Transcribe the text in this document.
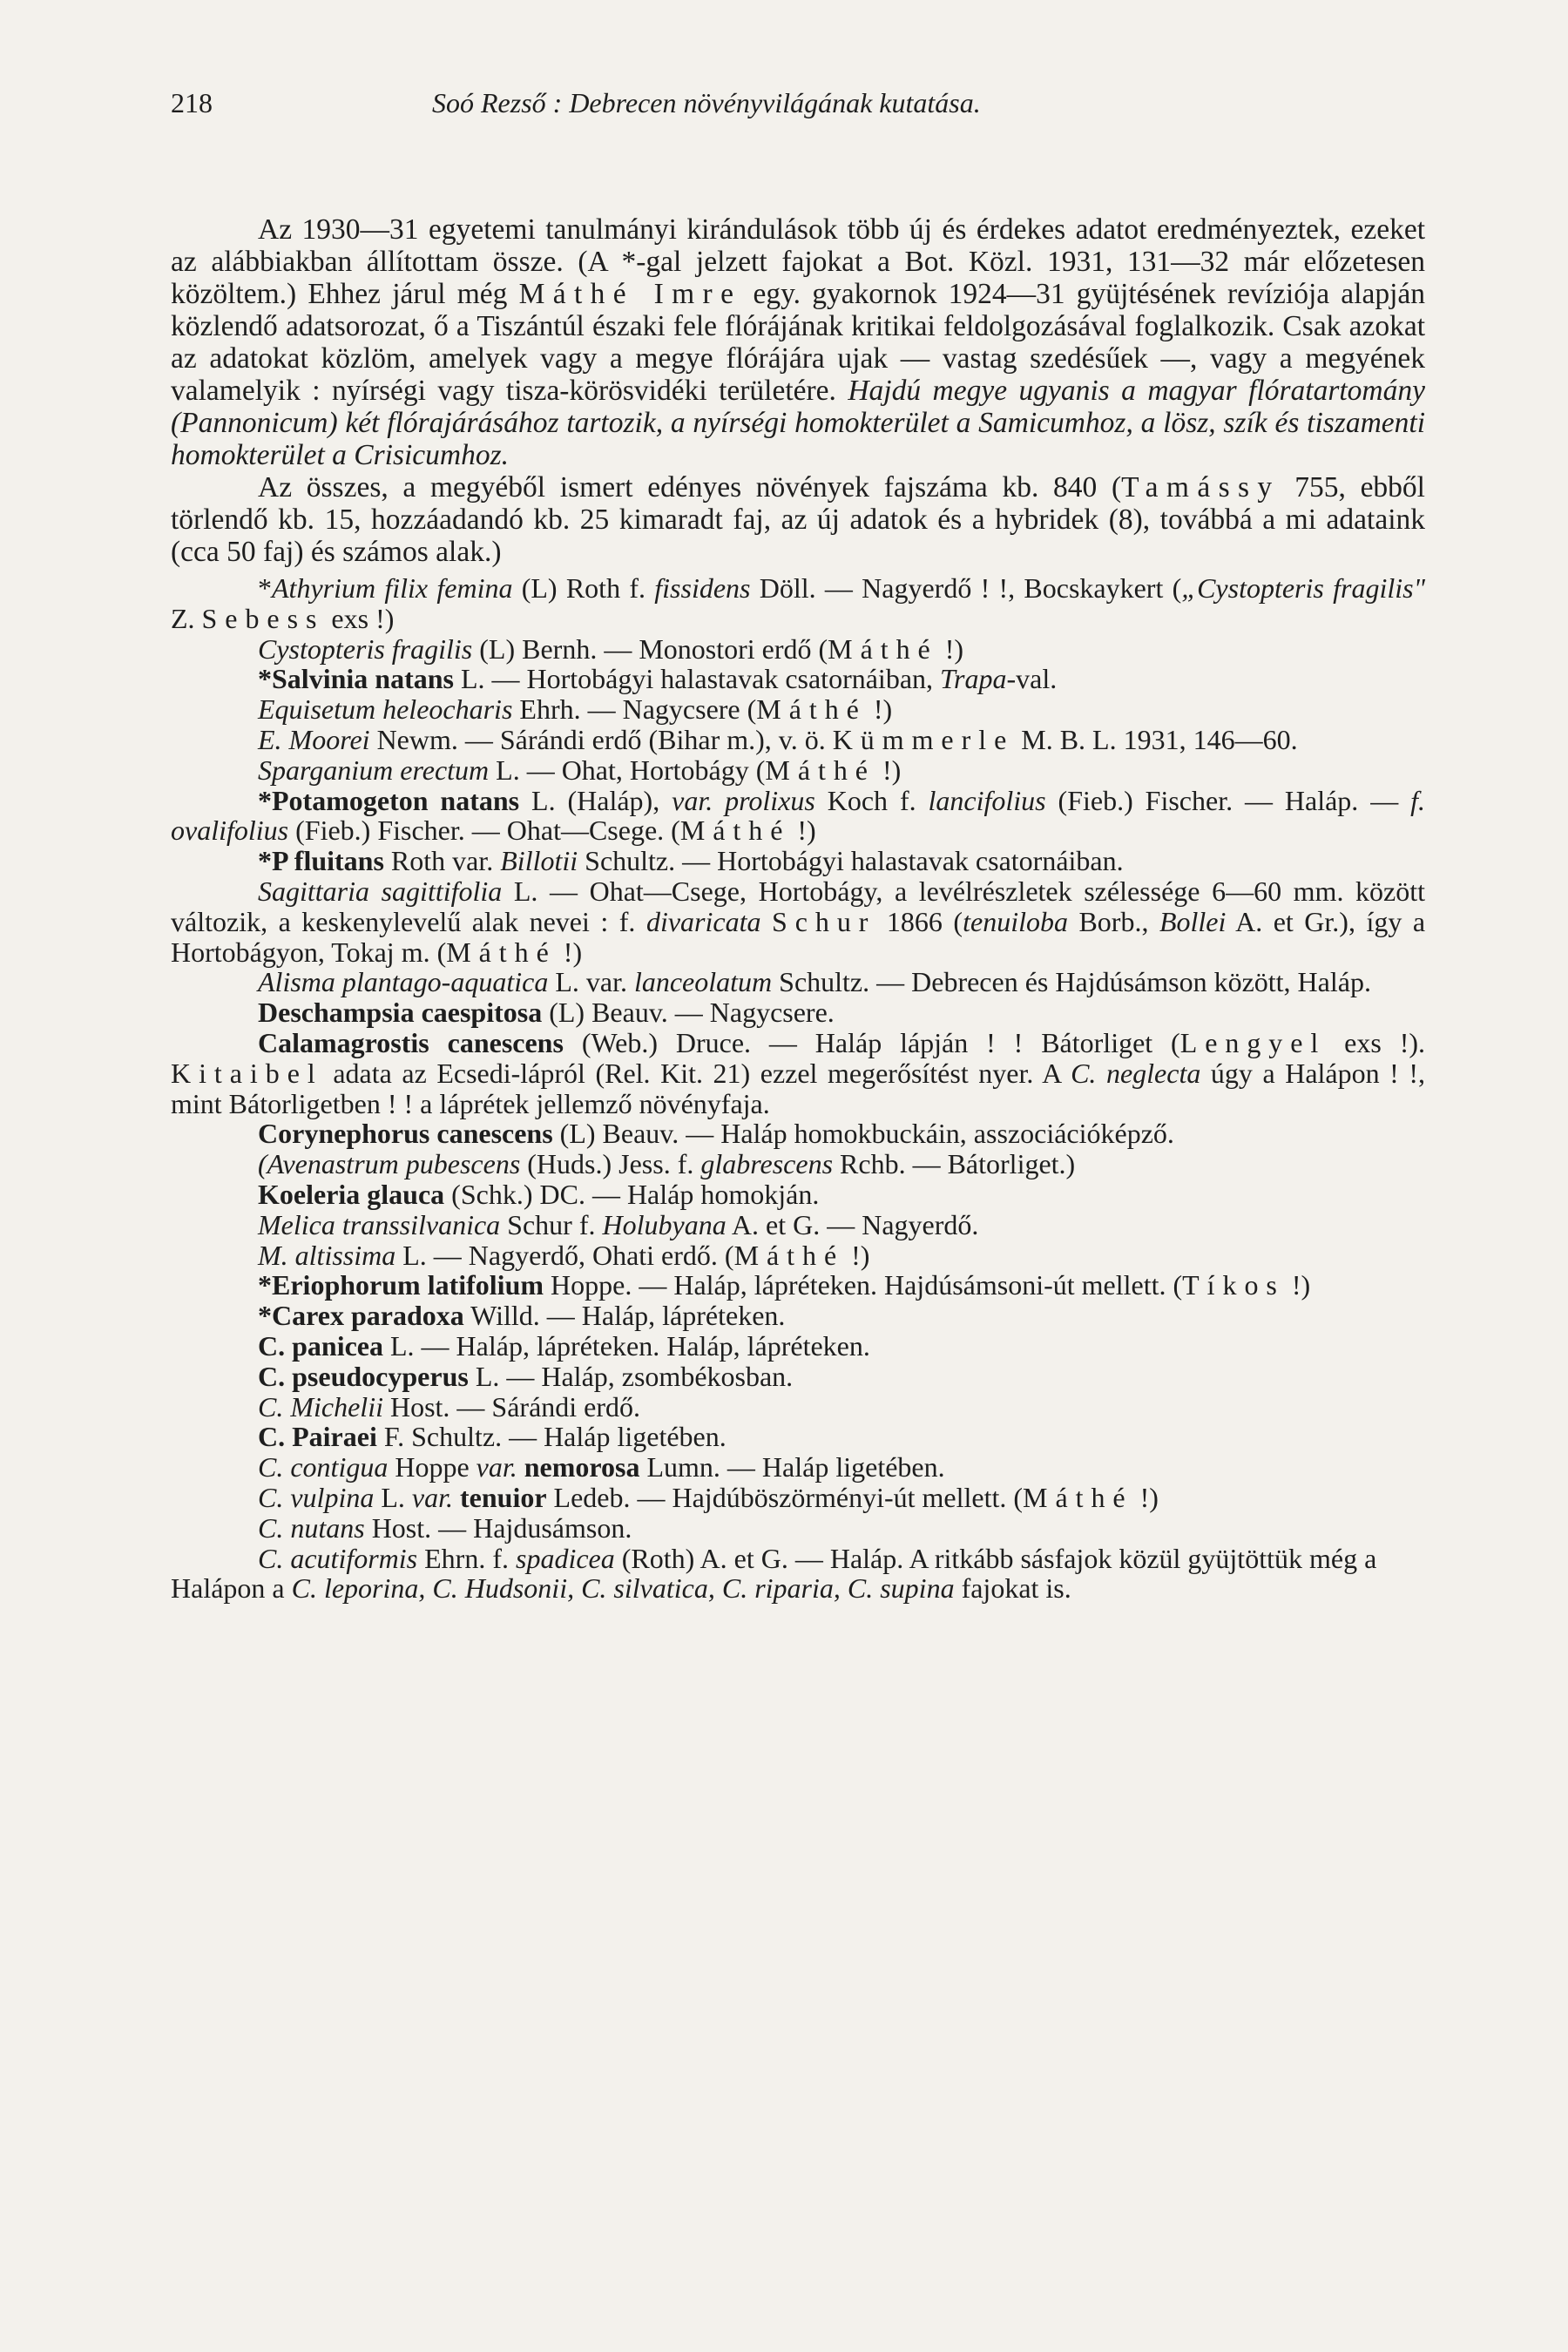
218	Soó Rezső : Debrecen növényvilágának kutatása.

Az 1930—31 egyetemi tanulmányi kirándulások több új és érdekes adatot eredményeztek, ezeket az alábbiakban állítottam össze. (A *-gal jelzett fajokat a Bot. Közl. 1931, 131—32 már előzetesen közöltem.) Ehhez járul még Máthé Imre egy. gyakornok 1924—31 gyüjtésének revíziója alapján közlendő adatsorozat, ő a Tiszántúl északi fele flórájának kritikai feldolgozásával foglalkozik. Csak azokat az adatokat közlöm, amelyek vagy a megye flórájára ujak — vastag szedésűek —, vagy a megyének valamelyik : nyírségi vagy tisza-körösvidéki területére. Hajdú megye ugyanis a magyar flóratartomány (Pannonicum) két flórajárásához tartozik, a nyírségi homokterület a Samicumhoz, a lösz, szík és tiszamenti homokterület a Crisicumhoz.

Az összes, a megyéből ismert edényes növények fajszáma kb. 840 (Tamássy 755, ebből törlendő kb. 15, hozzáadandó kb. 25 kimaradt faj, az új adatok és a hybridek (8), továbbá a mi adataink (cca 50 faj) és számos alak.)

*Athyrium filix femina (L) Roth f. fissidens Döll. — Nagyerdő ! !, Bocskaykert („Cystopteris fragilis" Z. Sebess exs !)

Cystopteris fragilis (L) Bernh. — Monostori erdő (Máthé !)

*Salvinia natans L. — Hortobágyi halastavak csatornáiban, Trapa-val.

Equisetum heleocharis Ehrh. — Nagycsere (Máthé !)

E. Moorei Newm. — Sárándi erdő (Bihar m.), v. ö. Kümmerle M. B. L. 1931, 146—60.

Sparganium erectum L. — Ohat, Hortobágy (Máthé !)

*Potamogeton natans L. (Haláp), var. prolixus Koch f. lancifolius (Fieb.) Fischer. — Haláp. — f. ovalifolius (Fieb.) Fischer. — Ohat—Csege. (Máthé !)

*P fluitans Roth var. Billotii Schultz. — Hortobágyi halastavak csatornáiban.

Sagittaria sagittifolia L. — Ohat—Csege, Hortobágy, a levélrészletek szélessége 6—60 mm. között változik, a keskenylevelű alak nevei : f. divaricata Schur 1866 (tenuiloba Borb., Bollei A. et Gr.), így a Hortobágyon, Tokaj m. (Máthé !)

Alisma plantago-aquatica L. var. lanceolatum Schultz. — Debrecen és Hajdúsámson között, Haláp.

Deschampsia caespitosa (L) Beauv. — Nagycsere.

Calamagrostis canescens (Web.) Druce. — Haláp lápján ! ! Bátorliget (Lengyel exs !). Kitaibel adata az Ecsedi-lápról (Rel. Kit. 21) ezzel megerősítést nyer. A C. neglecta úgy a Halápon ! !, mint Bátorligetben ! ! a láprétek jellemző növényfaja.

Corynephorus canescens (L) Beauv. — Haláp homokbuckáin, asszociációképző.

(Avenastrum pubescens (Huds.) Jess. f. glabrescens Rchb. — Bátorliget.)

Koeleria glauca (Schk.) DC. — Haláp homokján.

Melica transsilvanica Schur f. Holubyana A. et G. — Nagyerdő.

M. altissima L. — Nagyerdő, Ohati erdő. (Máthé !)

*Eriophorum latifolium Hoppe. — Haláp, lápréteken. Hajdúsámsoni-út mellett. (Tíkos !)

*Carex paradoxa Willd. — Haláp, lápréteken.

C. panicea L. — Haláp, lápréteken. Haláp, lápréteken.

C. pseudocyperus L. — Haláp, zsombékosban.

C. Michelii Host. — Sárándi erdő.

C. Pairaei F. Schultz. — Haláp ligetében.

C. contigua Hoppe var. nemorosa Lumn. — Haláp ligetében.

C. vulpina L. var. tenuior Ledeb. — Hajdúböszörményi-út mellett. (Máthé !)

C. nutans Host. — Hajdusámson.

C. acutiformis Ehrn. f. spadicea (Roth) A. et G. — Haláp. A ritkább sásfajok közül gyüjtöttük még a Halápon a C. leporina, C. Hudsonii, C. silvatica, C. riparia, C. supina fajokat is.
